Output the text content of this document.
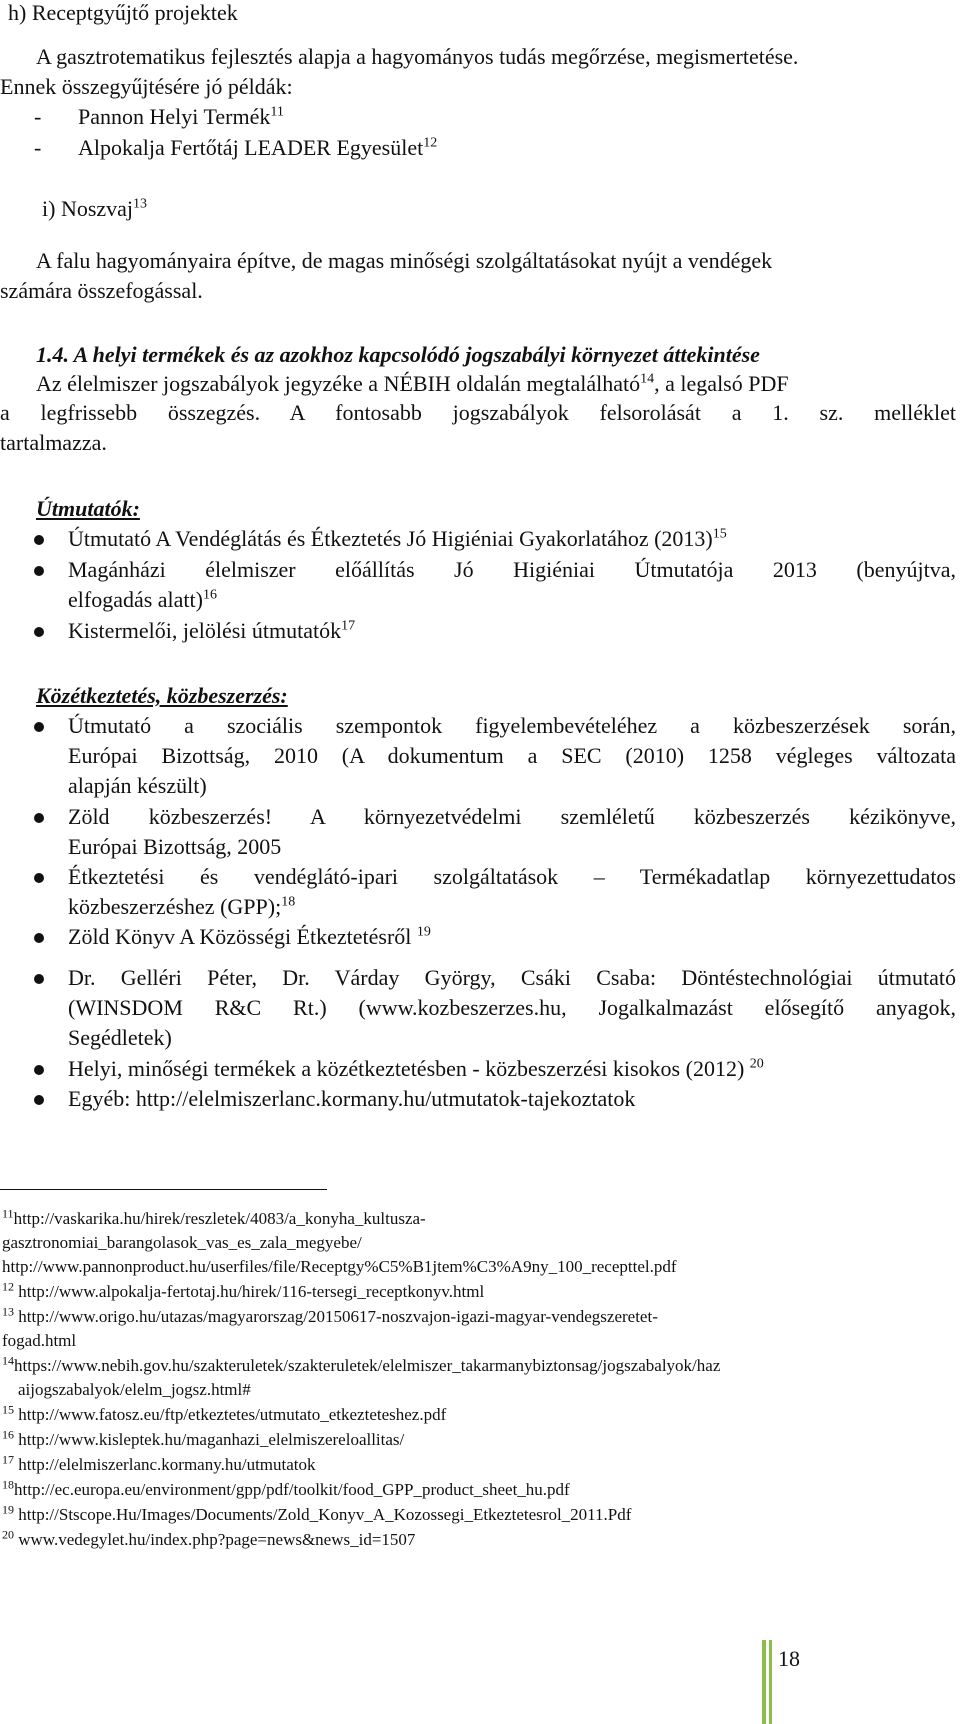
h) Receptgyűjtő projektek
A gasztrotematikus fejlesztés alapja a hagyományos tudás megőrzése, megismertetése.
Ennek összegyűjtésére jó példák:
- Pannon Helyi Termék$^{11}$
- Alpokalja Fertőtáj LEADER Egyesület$^{12}$
i) Noszvaj$^{13}$
A falu hagyományaira építve, de magas minőségi szolgáltatásokat nyújt a vendégek
számára összefogással.
1.4. A helyi termékek és az azokhoz kapcsolódó jogszabályi környezet áttekintése
Az élelmiszer jogszabályok jegyzéke a NÉBIH oldalán megtalálható$^{14}$, a legalsó PDF
a legfrissebb összegzés. A fontosabb jogszabályok felsorolását a 1. sz. melléklet
tartalmazza.
Útmutatók:
Útmutató A Vendéglátás és Étkeztetés Jó Higiéniai Gyakorlatához $(2013)^{15}$
Magánházi élelmiszer előállítás Jó Higiéniai Útmutatója 2013 (benyújtva,
elfogadás alatt)$^{16}$
Kistermelői, jelölési útmutatók$^{17}$
Közétkeztetés, közbeszerzés:
Útmutató a szociális szempontok figyelembevételéhez a közbeszerzések során,
Európai Bizottság, 2010 (A dokumentum a SEC (2010) 1258 végleges változata
alapján készült)
Zöld közbeszerzés! A környezetvédelmi szemléletű közbeszerzés kézikönyve,
Európai Bizottság, 2005
Étkeztetési és vendéglátó-ipari szolgáltatások – Termékadatlap környezettudatos
közbeszerzéshez (GPP);$^{18}$
Zöld Könyv A Közösségi Étkeztetésről $^{19}$
Dr. Gelléri Péter, Dr. Várday György, Csáki Csaba: Döntéstechnológiai útmutató
(WINSDOM R&C Rt.) (www.kozbeszerzes.hu, Jogalkalmazást elősegítő anyagok,
Segédletek)
Helyi, minőségi termékek a közétkeztetésben - közbeszerzési kisokos (2012) $^{20}$
Egyéb: http://elelmiszerlanc.kormany.hu/utmutatok-tajekoztatok
$^{11}$http://vaskarika.hu/hirek/reszletek/4083/a_konyha_kultusza-
gasztronomiai_barangolasok_vas_es_zala_megyebe/
http://www.pannonproduct.hu/userfiles/file/Receptgy%C5%B1jtem%C3%A9ny_100_recepttel.pdf
$^{12}$ http://www.alpokalja-fertotaj.hu/hirek/116-tersegi_receptkonyv.html
$^{13}$ http://www.origo.hu/utazas/magyarorszag/20150617-noszvajon-igazi-magyar-vendegszeretet-
fogad.html
$^{14}$https://www.nebih.gov.hu/szakteruletek/szakteruletek/elelmiszer_takarmanybiztonsag/jogszabalyok/haz
aijogszabalyok/elelm_jogsz.html#
$^{15}$ http://www.fatosz.eu/ftp/etkeztetes/utmutato_etkezteteshez.pdf
$^{16}$ http://www.kisleptek.hu/maganhazi_elelmiszereloallitas/
$^{17}$ http://elelmiszerlanc.kormany.hu/utmutatok
$^{18}$http://ec.europa.eu/environment/gpp/pdf/toolkit/food_GPP_product_sheet_hu.pdf
$^{19}$ http://Stscope.Hu/Images/Documents/Zold_Konyv_A_Kozossegi_Etkeztetesrol_2011.Pdf
$^{20}$ www.vedegylet.hu/index.php?page=news&news_id=1507
18
